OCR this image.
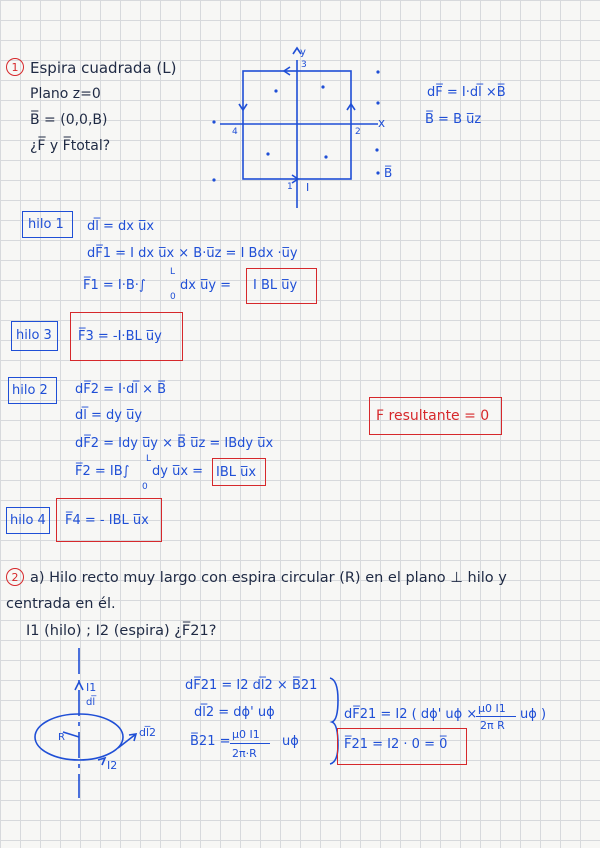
1 Espira cuadrada (L)
Plano z=0
B̅ = (0,0,B)
¿F̅ y F̅total?
y
x
1
2
3
4
I
B̅
dF̅ = I·dl̅ ×B̅
B̅ = B u̅z
hilo 1 dl̅ = dx u̅x
dF̅1 = I dx u̅x × B·u̅z = I Bdx ·u̅y
F̅1 = I·B·∫
L
0
dx u̅y = I BL u̅y
hilo 3 F̅3 = -I·BL u̅y
hilo 2 dF̅2 = I·dl̅ × B̅
dl̅ = dy u̅y
dF̅2 = Idy u̅y × B̅ u̅z = IBdy u̅x
F̅2 = IB∫
L
0
dy u̅x = IBL u̅x
F resultante = 0
hilo 4 F̅4 = - IBL u̅x
2 a) Hilo recto muy largo con espira circular (R) en el plano ⊥ hilo y
centrada en él.
I1 (hilo) ; I2 (espira) ¿F̅21?
I1
dl̅
R	dl̅2
I2
dF̅21 = I2 dl̅2 × B̅21
dl̅2 = dϕ' uϕ
B̅21 = μ0 I1
2π·R
uϕ
dF̅21 = I2 ( dϕ' uϕ × μ0 I1
2π R
uϕ )
F̅21 = I2 · 0 = 0̅
